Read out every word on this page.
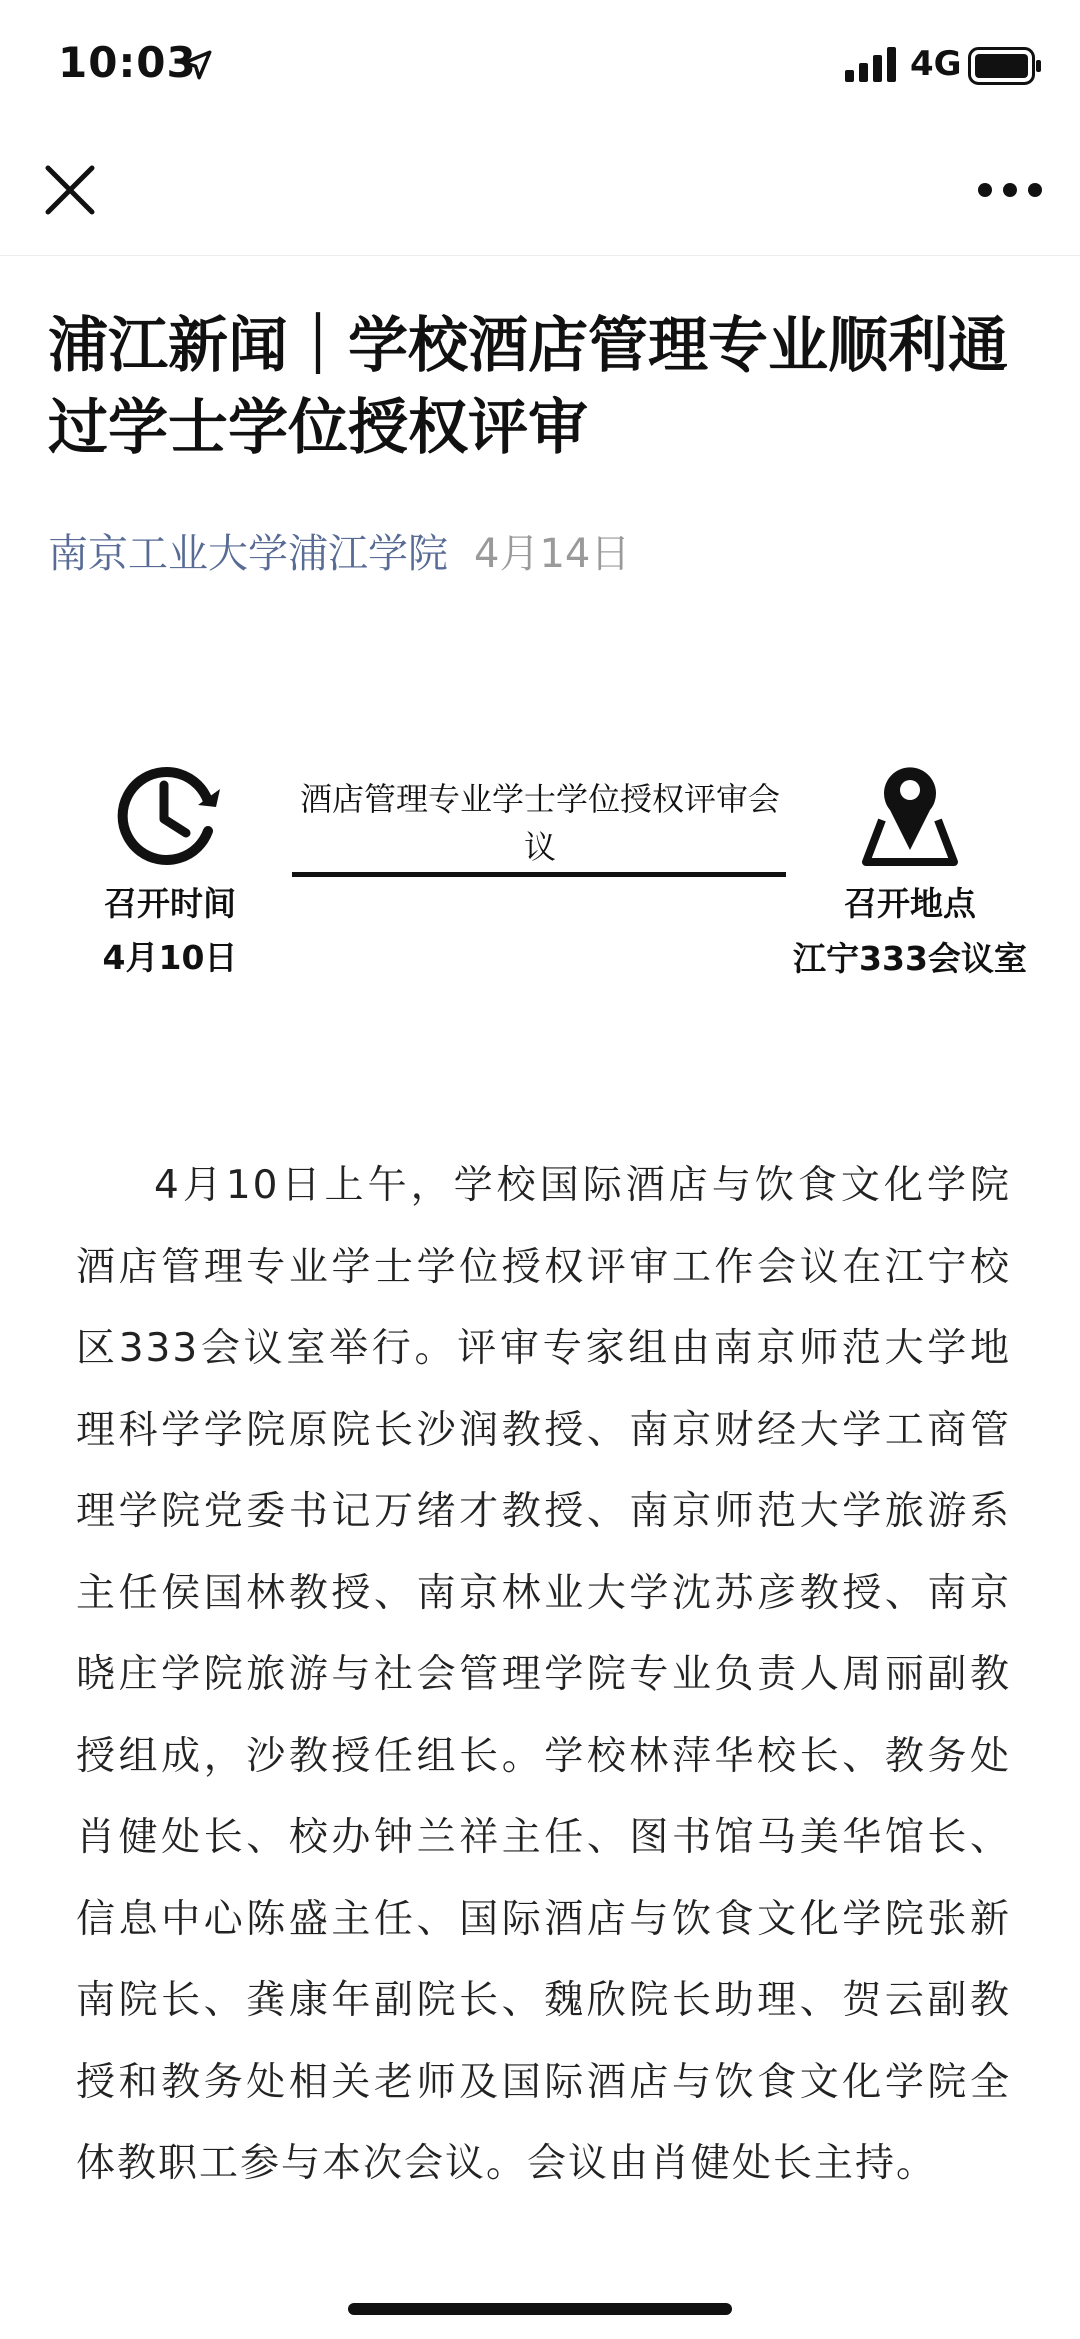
10:03	4G
浦江新闻｜学校酒店管理专业顺利通过学士学位授权评审
南京工业大学浦江学院 4月14日
召开时间
4月10日
酒店管理专业学士学位授权评审会议
召开地点
江宁333会议室

4月10日上午，学校国际酒店与饮食文化学院酒店管理专业学士学位授权评审工作会议在江宁校区333会议室举行。评审专家组由南京师范大学地理科学学院原院长沙润教授、南京财经大学工商管理学院党委书记万绪才教授、南京师范大学旅游系主任侯国林教授、南京林业大学沈苏彦教授、南京晓庄学院旅游与社会管理学院专业负责人周丽副教授组成，沙教授任组长。学校林萍华校长、教务处肖健处长、校办钟兰祥主任、图书馆马美华馆长、信息中心陈盛主任、国际酒店与饮食文化学院张新南院长、龚康年副院长、魏欣院长助理、贺云副教授和教务处相关老师及国际酒店与饮食文化学院全体教职工参与本次会议。会议由肖健处长主持。
